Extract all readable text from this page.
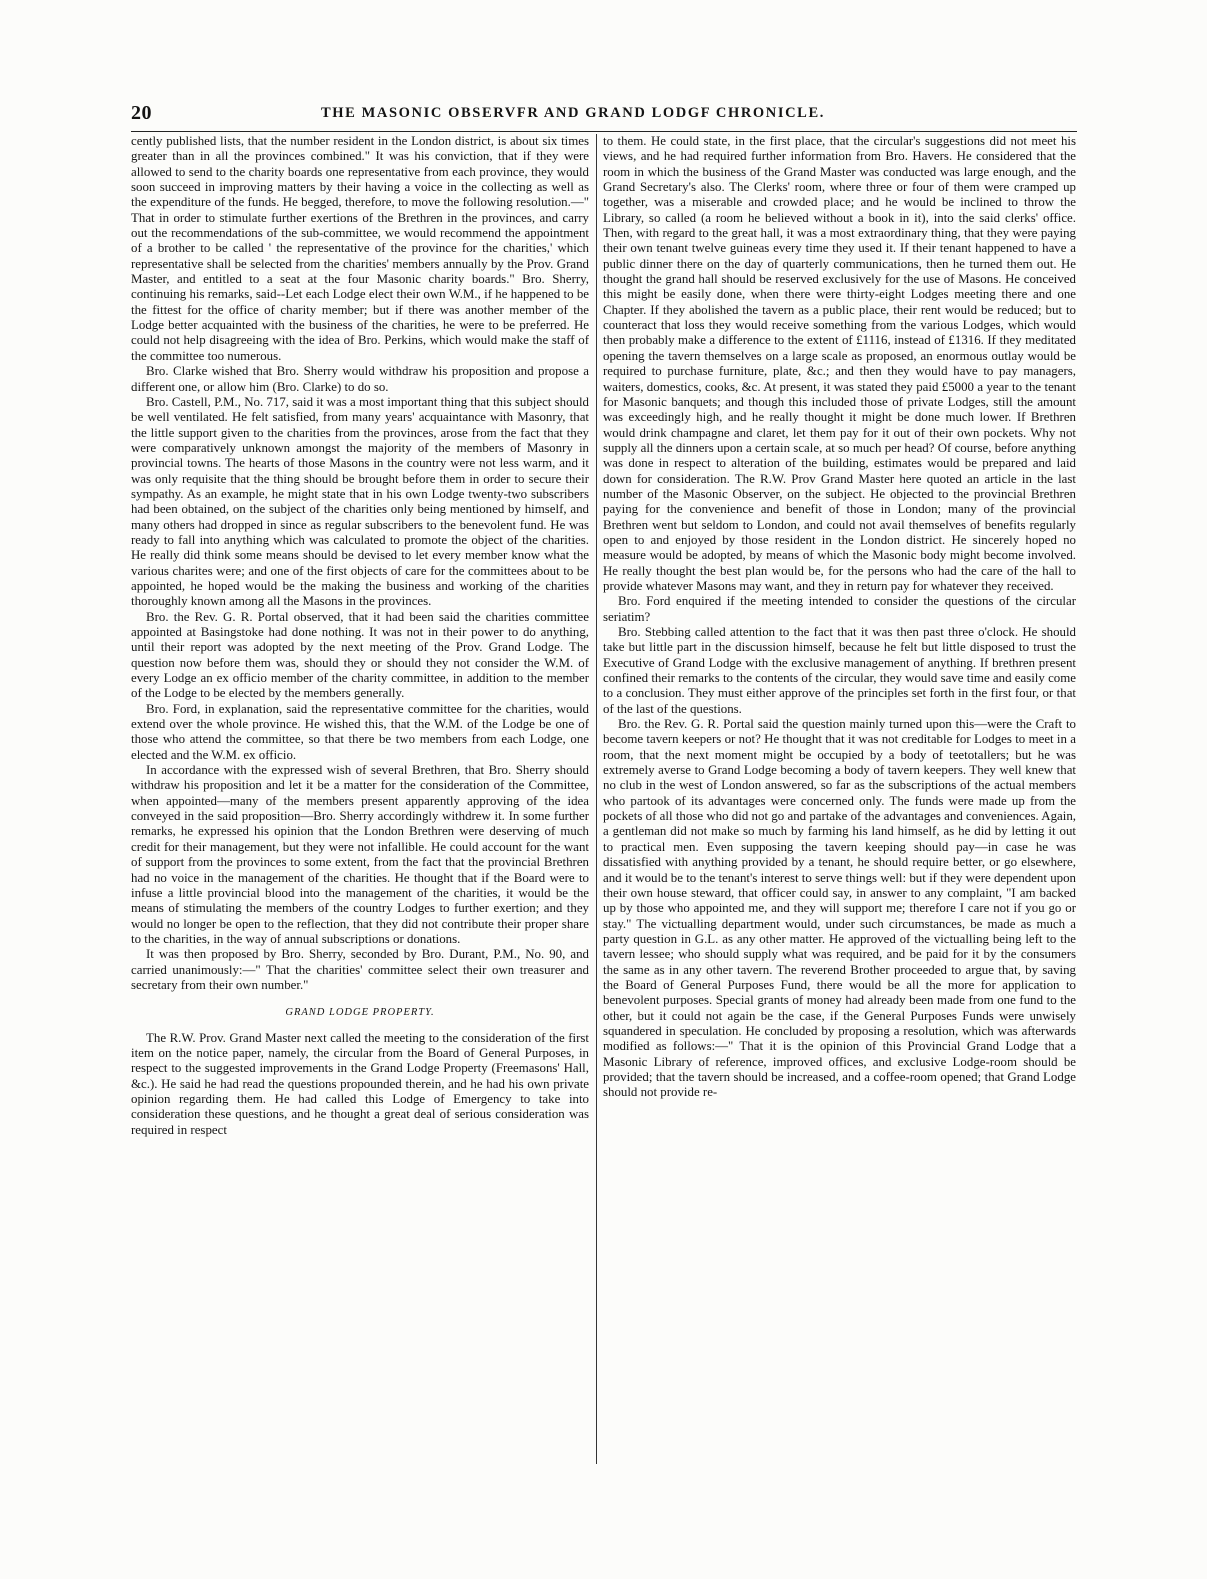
20	THE MASONIC OBSERVFR AND GRAND LODGF CHRONICLE.

cently published lists, that the number resident in the London district, is about six times greater than in all the provinces combined." It was his conviction, that if they were allowed to send to the charity boards one representative from each province, they would soon succeed in improving matters by their having a voice in the collecting as well as the expenditure of the funds. He begged, therefore, to move the following resolution.—" That in order to stimulate further exertions of the Brethren in the provinces, and carry out the recommendations of the sub-committee, we would recommend the appointment of a brother to be called ' the representative of the province for the charities,' which representative shall be selected from the charities' members annually by the Prov. Grand Master, and entitled to a seat at the four Masonic charity boards." Bro. Sherry, continuing his remarks, said--Let each Lodge elect their own W.M., if he happened to be the fittest for the office of charity member; but if there was another member of the Lodge better acquainted with the business of the charities, he were to be preferred. He could not help disagreeing with the idea of Bro. Perkins, which would make the staff of the committee too numerous.

Bro. Clarke wished that Bro. Sherry would withdraw his proposition and propose a different one, or allow him (Bro. Clarke) to do so.

Bro. Castell, P.M., No. 717, said it was a most important thing that this subject should be well ventilated. He felt satisfied, from many years' acquaintance with Masonry, that the little support given to the charities from the provinces, arose from the fact that they were comparatively unknown amongst the majority of the members of Masonry in provincial towns. The hearts of those Masons in the country were not less warm, and it was only requisite that the thing should be brought before them in order to secure their sympathy. As an example, he might state that in his own Lodge twenty-two subscribers had been obtained, on the subject of the charities only being mentioned by himself, and many others had dropped in since as regular subscribers to the benevolent fund. He was ready to fall into anything which was calculated to promote the object of the charities. He really did think some means should be devised to let every member know what the various charites were; and one of the first objects of care for the committees about to be appointed, he hoped would be the making the business and working of the charities thoroughly known among all the Masons in the provinces.

Bro. the Rev. G. R. Portal observed, that it had been said the charities committee appointed at Basingstoke had done nothing. It was not in their power to do anything, until their report was adopted by the next meeting of the Prov. Grand Lodge. The question now before them was, should they or should they not consider the W.M. of every Lodge an ex officio member of the charity committee, in addition to the member of the Lodge to be elected by the members generally.

Bro. Ford, in explanation, said the representative committee for the charities, would extend over the whole province. He wished this, that the W.M. of the Lodge be one of those who attend the committee, so that there be two members from each Lodge, one elected and the W.M. ex officio.

In accordance with the expressed wish of several Brethren, that Bro. Sherry should withdraw his proposition and let it be a matter for the consideration of the Committee, when appointed—many of the members present apparently approving of the idea conveyed in the said proposition—Bro. Sherry accordingly withdrew it. In some further remarks, he expressed his opinion that the London Brethren were deserving of much credit for their management, but they were not infallible. He could account for the want of support from the provinces to some extent, from the fact that the provincial Brethren had no voice in the management of the charities. He thought that if the Board were to infuse a little provincial blood into the management of the charities, it would be the means of stimulating the members of the country Lodges to further exertion; and they would no longer be open to the reflection, that they did not contribute their proper share to the charities, in the way of annual subscriptions or donations.

It was then proposed by Bro. Sherry, seconded by Bro. Durant, P.M., No. 90, and carried unanimously:—" That the charities' committee select their own treasurer and secretary from their own number."

GRAND LODGE PROPERTY.

The R.W. Prov. Grand Master next called the meeting to the consideration of the first item on the notice paper, namely, the circular from the Board of General Purposes, in respect to the suggested improvements in the Grand Lodge Property (Freemasons' Hall, &c.). He said he had read the questions propounded therein, and he had his own private opinion regarding them. He had called this Lodge of Emergency to take into consideration these questions, and he thought a great deal of serious consideration was required in respect

to them. He could state, in the first place, that the circular's suggestions did not meet his views, and he had required further information from Bro. Havers. He considered that the room in which the business of the Grand Master was conducted was large enough, and the Grand Secretary's also. The Clerks' room, where three or four of them were cramped up together, was a miserable and crowded place; and he would be inclined to throw the Library, so called (a room he believed without a book in it), into the said clerks' office. Then, with regard to the great hall, it was a most extraordinary thing, that they were paying their own tenant twelve guineas every time they used it. If their tenant happened to have a public dinner there on the day of quarterly communications, then he turned them out. He thought the grand hall should be reserved exclusively for the use of Masons. He conceived this might be easily done, when there were thirty-eight Lodges meeting there and one Chapter. If they abolished the tavern as a public place, their rent would be reduced; but to counteract that loss they would receive something from the various Lodges, which would then probably make a difference to the extent of £1116, instead of £1316. If they meditated opening the tavern themselves on a large scale as proposed, an enormous outlay would be required to purchase furniture, plate, &c.; and then they would have to pay managers, waiters, domestics, cooks, &c. At present, it was stated they paid £5000 a year to the tenant for Masonic banquets; and though this included those of private Lodges, still the amount was exceedingly high, and he really thought it might be done much lower. If Brethren would drink champagne and claret, let them pay for it out of their own pockets. Why not supply all the dinners upon a certain scale, at so much per head? Of course, before anything was done in respect to alteration of the building, estimates would be prepared and laid down for consideration. The R.W. Prov Grand Master here quoted an article in the last number of the Masonic Observer, on the subject. He objected to the provincial Brethren paying for the convenience and benefit of those in London; many of the provincial Brethren went but seldom to London, and could not avail themselves of benefits regularly open to and enjoyed by those resident in the London district. He sincerely hoped no measure would be adopted, by means of which the Masonic body might become involved. He really thought the best plan would be, for the persons who had the care of the hall to provide whatever Masons may want, and they in return pay for whatever they received.

Bro. Ford enquired if the meeting intended to consider the questions of the circular seriatim?

Bro. Stebbing called attention to the fact that it was then past three o'clock. He should take but little part in the discussion himself, because he felt but little disposed to trust the Executive of Grand Lodge with the exclusive management of anything. If brethren present confined their remarks to the contents of the circular, they would save time and easily come to a conclusion. They must either approve of the principles set forth in the first four, or that of the last of the questions.

Bro. the Rev. G. R. Portal said the question mainly turned upon this—were the Craft to become tavern keepers or not? He thought that it was not creditable for Lodges to meet in a room, that the next moment might be occupied by a body of teetotallers; but he was extremely averse to Grand Lodge becoming a body of tavern keepers. They well knew that no club in the west of London answered, so far as the subscriptions of the actual members who partook of its advantages were concerned only. The funds were made up from the pockets of all those who did not go and partake of the advantages and conveniences. Again, a gentleman did not make so much by farming his land himself, as he did by letting it out to practical men. Even supposing the tavern keeping should pay—in case he was dissatisfied with anything provided by a tenant, he should require better, or go elsewhere, and it would be to the tenant's interest to serve things well: but if they were dependent upon their own house steward, that officer could say, in answer to any complaint, "I am backed up by those who appointed me, and they will support me; therefore I care not if you go or stay." The victualling department would, under such circumstances, be made as much a party question in G.L. as any other matter. He approved of the victualling being left to the tavern lessee; who should supply what was required, and be paid for it by the consumers the same as in any other tavern. The reverend Brother proceeded to argue that, by saving the Board of General Purposes Fund, there would be all the more for application to benevolent purposes. Special grants of money had already been made from one fund to the other, but it could not again be the case, if the General Purposes Funds were unwisely squandered in speculation. He concluded by proposing a resolution, which was afterwards modified as follows:—" That it is the opinion of this Provincial Grand Lodge that a Masonic Library of reference, improved offices, and exclusive Lodge-room should be provided; that the tavern should be increased, and a coffee-room opened; that Grand Lodge should not provide re-
